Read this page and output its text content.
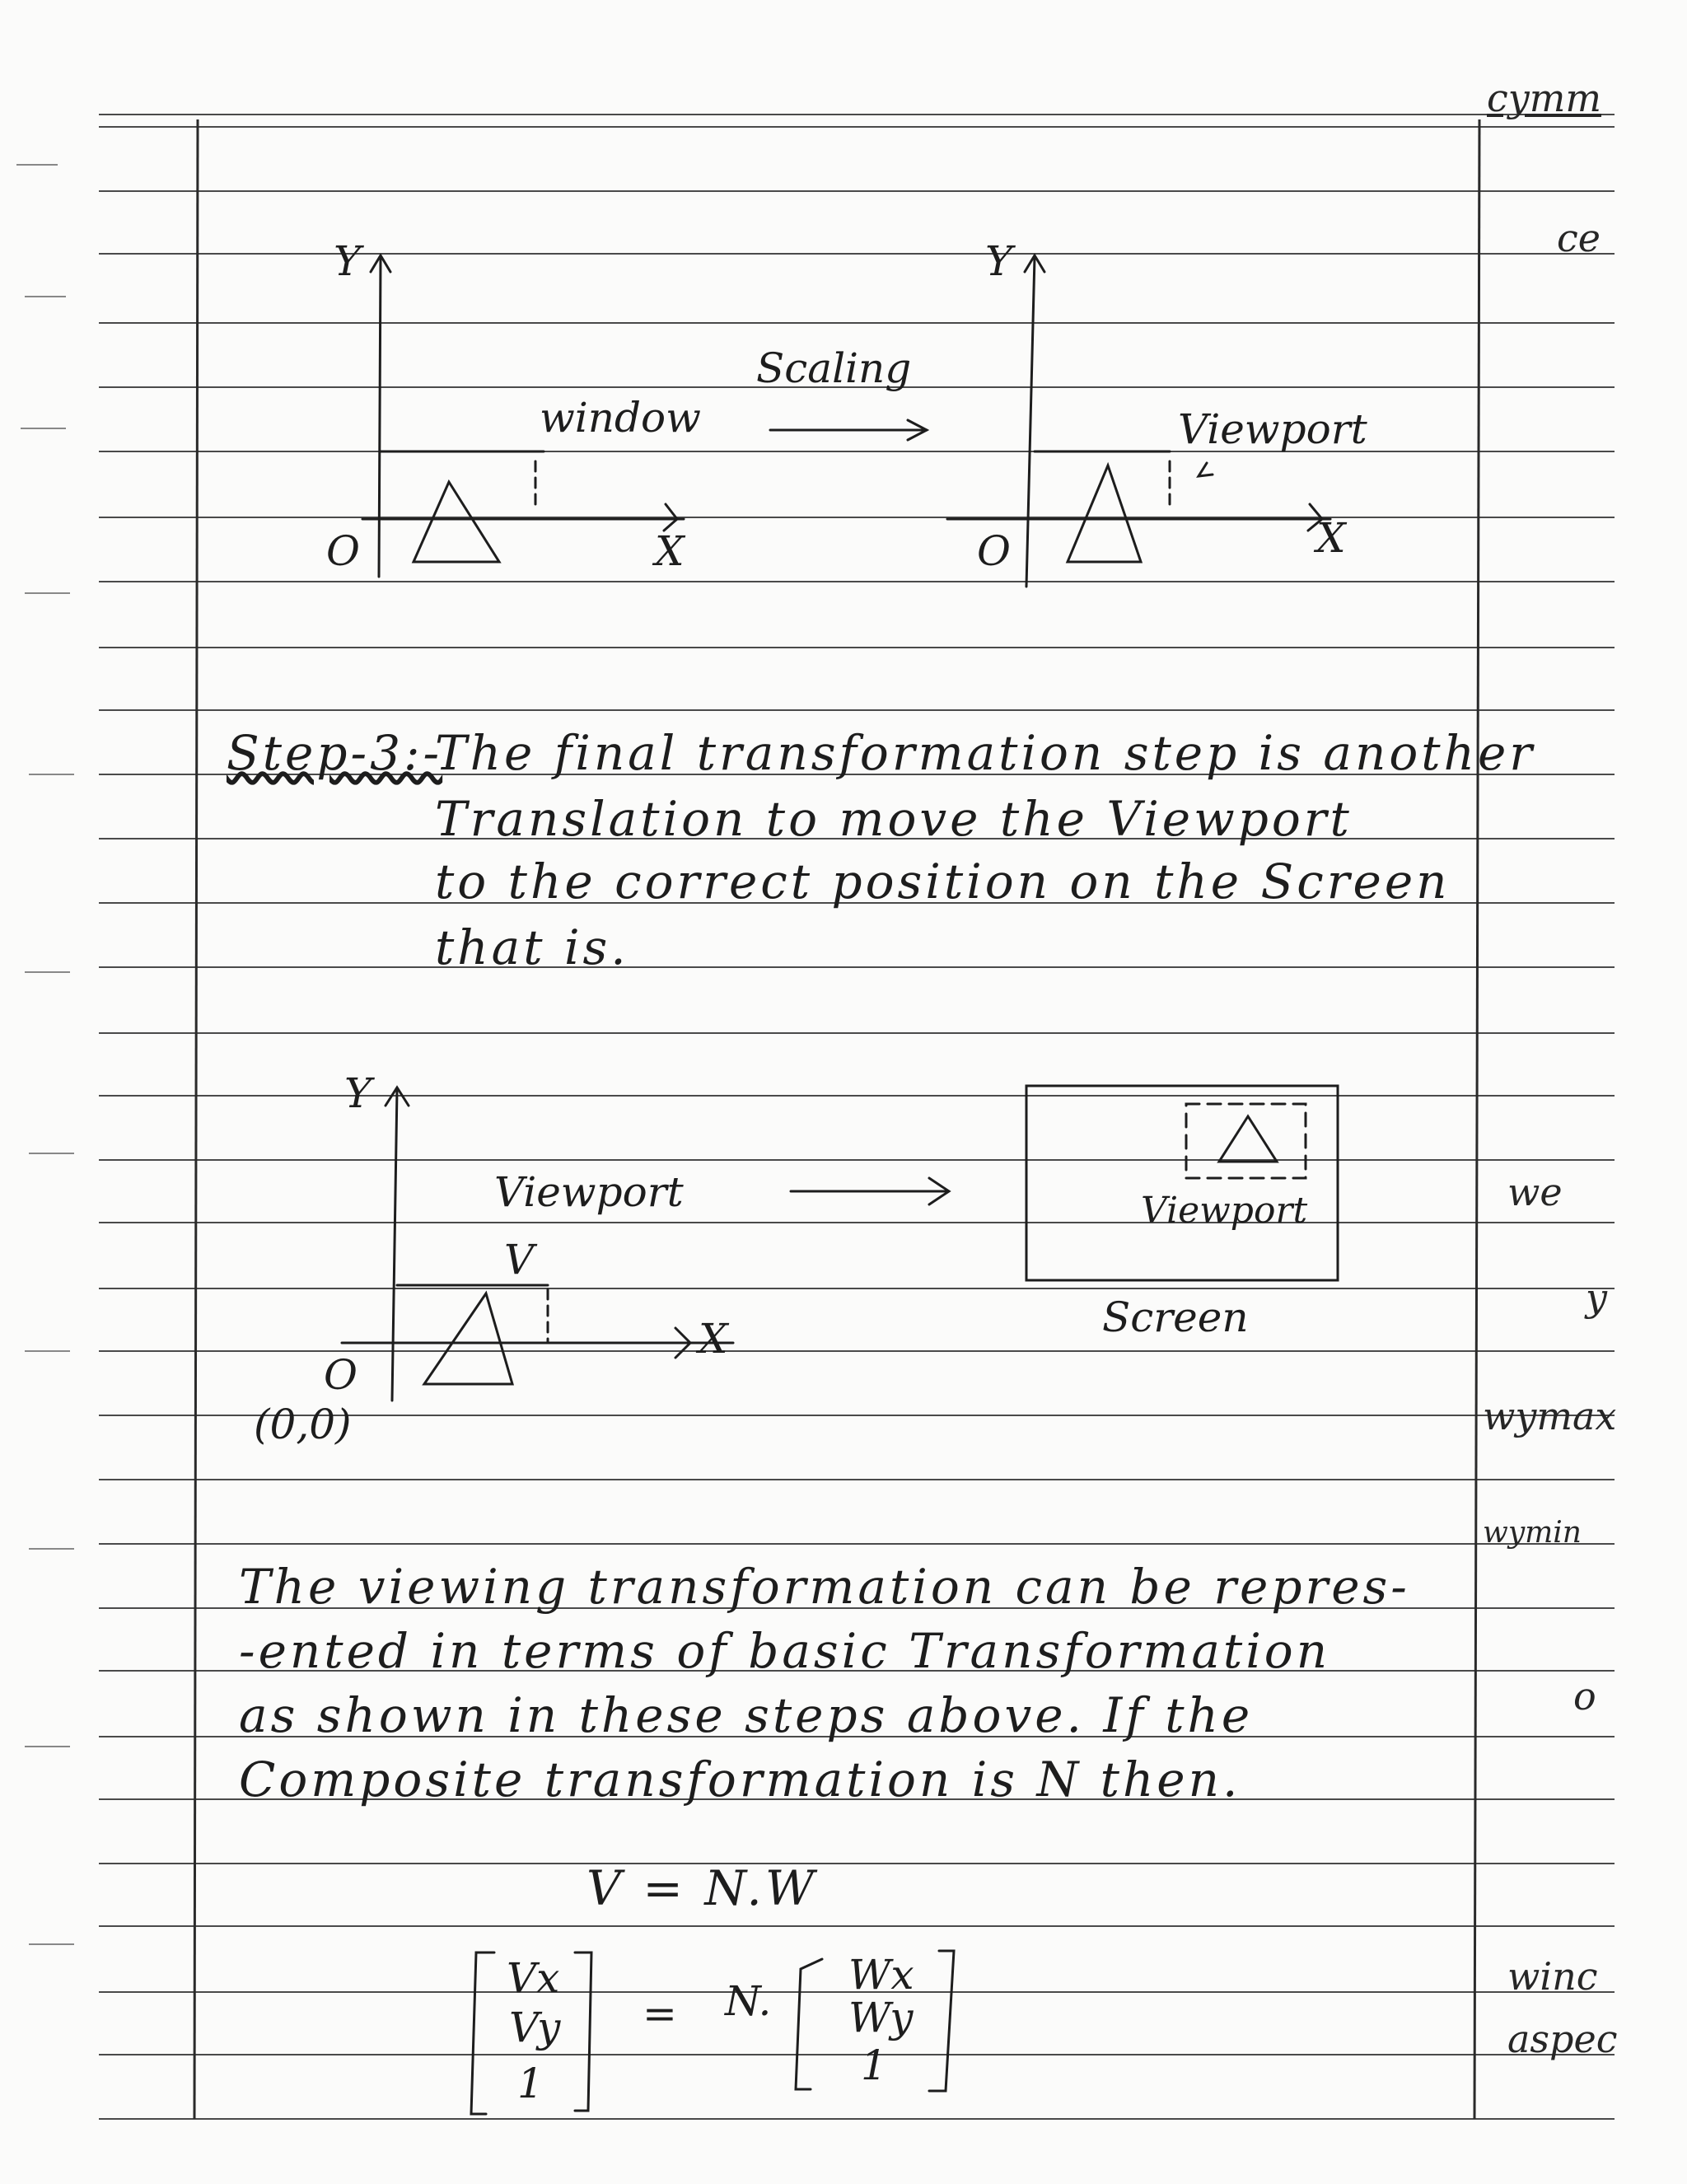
Y
O	X
window
Scaling
Y
O	X
Viewport
Step-3:-
The final transformation step is another
Translation to move the Viewport
to the correct position on the Screen
that is.
Y
O
(0,0)
X
Viewport
V
Viewport
Screen
The viewing transformation can be repres-
-ented in terms of basic Transformation
as shown in these steps above. If the
Composite transformation is N then.
V = N.W
Vx
Vy
1
= N.
Wx
Wy
1
cymm
ce
we
y
wymax
wymin
o
winc
aspec
